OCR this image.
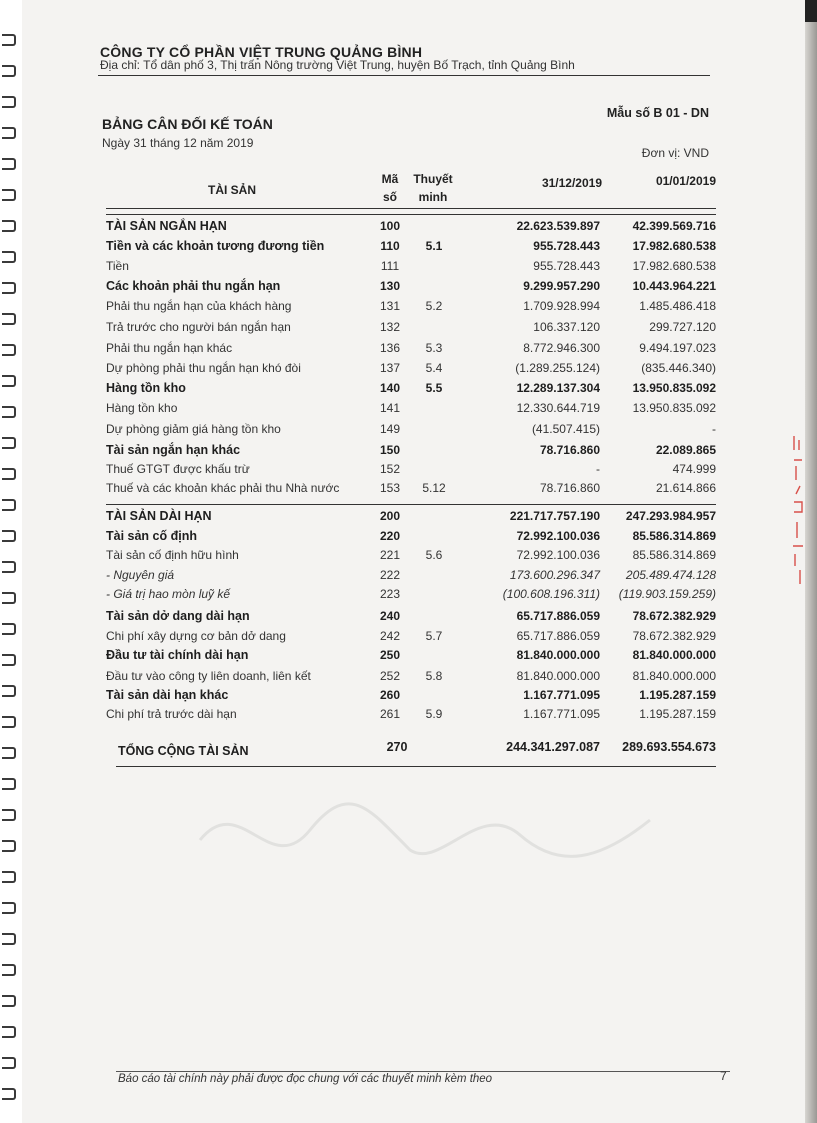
CÔNG TY CỔ PHẦN VIỆT TRUNG QUẢNG BÌNH
Địa chỉ: Tổ dân phố 3, Thị trấn Nông trường Việt Trung, huyện Bố Trạch, tỉnh Quảng Bình
BẢNG CÂN ĐỐI KẾ TOÁN
Ngày 31 tháng 12 năm 2019
Mẫu số B 01 - DN
Đơn vị: VND
TÀI SẢN
Mã
số
Thuyết
minh
31/12/2019	01/01/2019
TÀI SẢN NGẮN HẠN	100	22.623.539.897	42.399.569.716
Tiền và các khoản tương đương tiền	110	5.1	955.728.443	17.982.680.538
Tiền	111	955.728.443	17.982.680.538
Các khoản phải thu ngắn hạn	130	9.299.957.290	10.443.964.221
Phải thu ngắn hạn của khách hàng	131	5.2	1.709.928.994	1.485.486.418
Trả trước cho người bán ngắn hạn	132	106.337.120	299.727.120
Phải thu ngắn hạn khác	136	5.3	8.772.946.300	9.494.197.023
Dự phòng phải thu ngắn hạn khó đòi	137	5.4	(1.289.255.124)	(835.446.340)
Hàng tồn kho	140	5.5	12.289.137.304	13.950.835.092
Hàng tồn kho	141	12.330.644.719	13.950.835.092
Dự phòng giảm giá hàng tồn kho	149	(41.507.415)	-
Tài sản ngắn hạn khác	150	78.716.860	22.089.865
Thuế GTGT được khấu trừ	152	-	474.999
Thuế và các khoản khác phải thu Nhà nước	153	5.12	78.716.860	21.614.866
TÀI SẢN DÀI HẠN	200	221.717.757.190	247.293.984.957
Tài sản cố định	220	72.992.100.036	85.586.314.869
Tài sản cố định hữu hình	221	5.6	72.992.100.036	85.586.314.869
- Nguyên giá	222	173.600.296.347	205.489.474.128
- Giá trị hao mòn luỹ kế	223	(100.608.196.311)	(119.903.159.259)
Tài sản dở dang dài hạn	240	65.717.886.059	78.672.382.929
Chi phí xây dựng cơ bản dở dang	242	5.7	65.717.886.059	78.672.382.929
Đầu tư tài chính dài hạn	250	81.840.000.000	81.840.000.000
Đầu tư vào công ty liên doanh, liên kết	252	5.8	81.840.000.000	81.840.000.000
Tài sản dài hạn khác	260	1.167.771.095	1.195.287.159
Chi phí trả trước dài hạn	261	5.9	1.167.771.095	1.195.287.159
TỔNG CỘNG TÀI SẢN	270	244.341.297.087	289.693.554.673
Báo cáo tài chính này phải được đọc chung với các thuyết minh kèm theo	7
